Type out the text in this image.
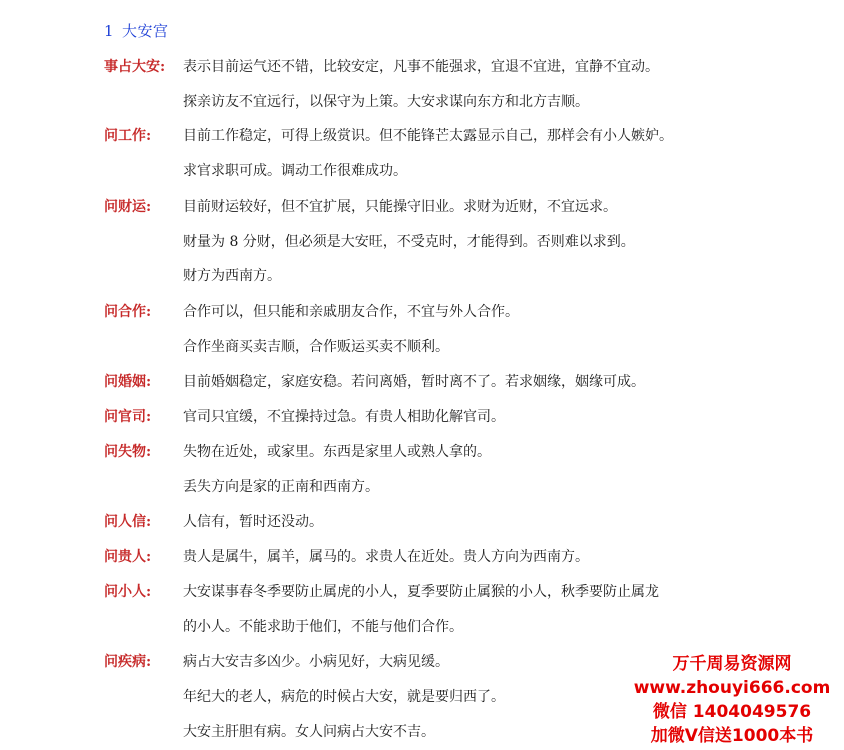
1 大安宫
事占大安: 表示目前运气还不错，比较安定，凡事不能强求，宜退不宜进，宜静不宜动。
探亲访友不宜远行，以保守为上策。大安求谋向东方和北方吉顺。
问工作: 目前工作稳定，可得上级赏识。但不能锋芒太露显示自己，那样会有小人嫉妒。
求官求职可成。调动工作很难成功。
问财运: 目前财运较好，但不宜扩展，只能操守旧业。求财为近财，不宜远求。
财量为 8 分财，但必须是大安旺，不受克时，才能得到。否则难以求到。
财方为西南方。
问合作: 合作可以，但只能和亲戚朋友合作，不宜与外人合作。
合作坐商买卖吉顺，合作贩运买卖不顺利。
问婚姻: 目前婚姻稳定，家庭安稳。若问离婚，暂时离不了。若求姻缘，姻缘可成。
问官司: 官司只宜缓，不宜操持过急。有贵人相助化解官司。
问失物: 失物在近处，或家里。东西是家里人或熟人拿的。
丢失方向是家的正南和西南方。
问人信: 人信有，暂时还没动。
问贵人: 贵人是属牛，属羊，属马的。求贵人在近处。贵人方向为西南方。
问小人: 大安谋事春冬季要防止属虎的小人，夏季要防止属猴的小人，秋季要防止属龙
的小人。不能求助于他们，不能与他们合作。
问疾病: 病占大安吉多凶少。小病见好，大病见缓。
年纪大的老人，病危的时候占大安，就是要归西了。
大安主肝胆有病。女人问病占大安不吉。
万千周易资源网
www.zhouyi666.com
微信 1404049576
加微V信送1000本书
